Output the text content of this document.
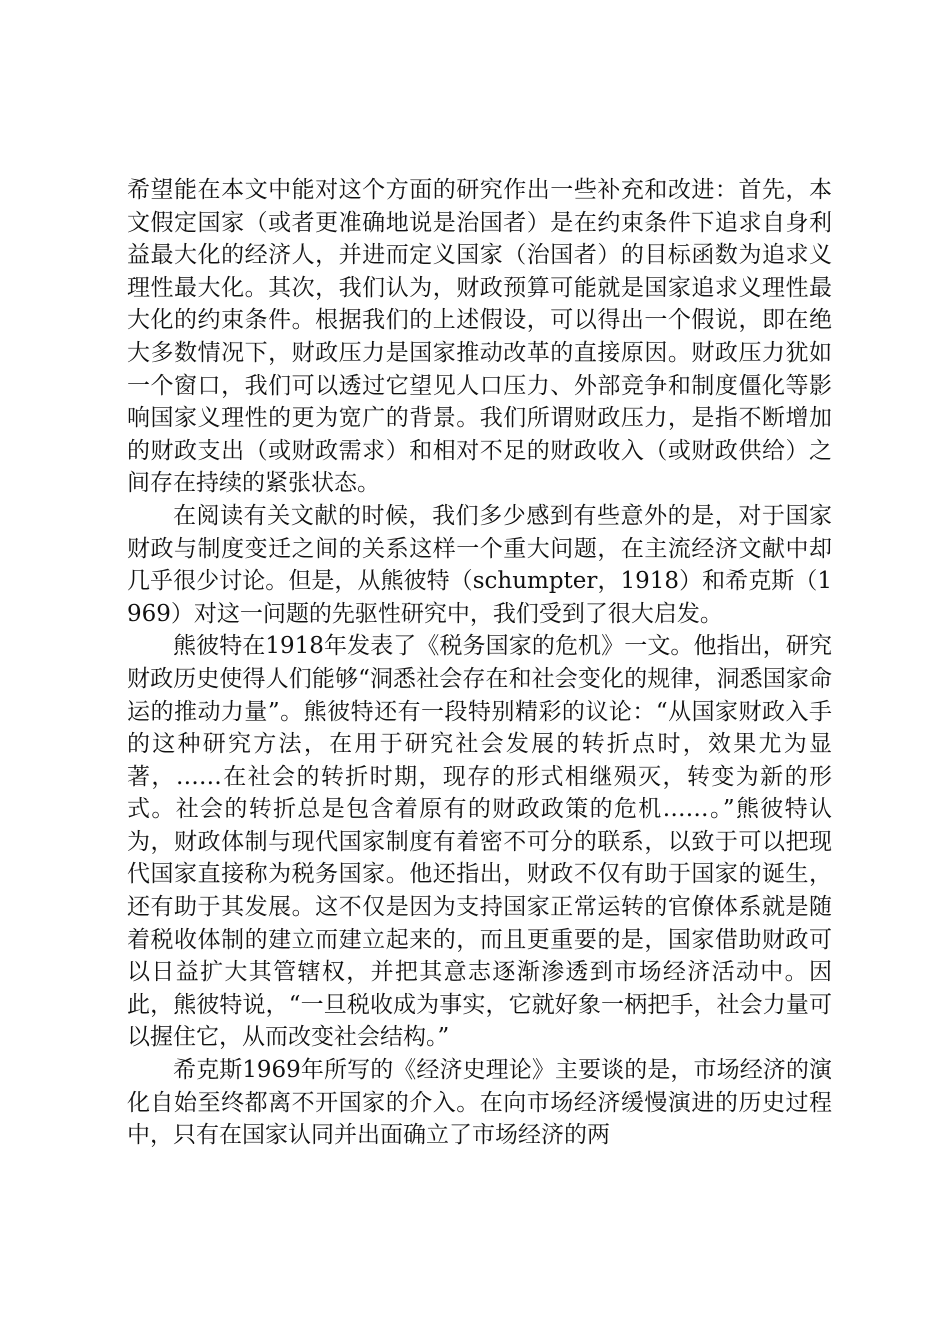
希望能在本文中能对这个方面的研究作出一些补充和改进：首先，本文假定国家（或者更准确地说是治国者）是在约束条件下追求自身利益最大化的经济人，并进而定义国家（治国者）的目标函数为追求义理性最大化。其次，我们认为，财政预算可能就是国家追求义理性最大化的约束条件。根据我们的上述假设，可以得出一个假说，即在绝大多数情况下，财政压力是国家推动改革的直接原因。财政压力犹如一个窗口，我们可以透过它望见人口压力、外部竞争和制度僵化等影响国家义理性的更为宽广的背景。我们所谓财政压力，是指不断增加的财政支出（或财政需求）和相对不足的财政收入（或财政供给）之间存在持续的紧张状态。

在阅读有关文献的时候，我们多少感到有些意外的是，对于国家财政与制度变迁之间的关系这样一个重大问题，在主流经济文献中却几乎很少讨论。但是，从熊彼特（schumpter，1918）和希克斯（1969）对这一问题的先驱性研究中，我们受到了很大启发。

熊彼特在1918年发表了《税务国家的危机》一文。他指出，研究财政历史使得人们能够“洞悉社会存在和社会变化的规律，洞悉国家命运的推动力量”。熊彼特还有一段特别精彩的议论：“从国家财政入手的这种研究方法，在用于研究社会发展的转折点时，效果尤为显著，……在社会的转折时期，现存的形式相继殒灭，转变为新的形式。社会的转折总是包含着原有的财政政策的危机……。”熊彼特认为，财政体制与现代国家制度有着密不可分的联系，以致于可以把现代国家直接称为税务国家。他还指出，财政不仅有助于国家的诞生，还有助于其发展。这不仅是因为支持国家正常运转的官僚体系就是随着税收体制的建立而建立起来的，而且更重要的是，国家借助财政可以日益扩大其管辖权，并把其意志逐渐渗透到市场经济活动中。因此，熊彼特说，“一旦税收成为事实，它就好象一柄把手，社会力量可以握住它，从而改变社会结构。”

希克斯1969年所写的《经济史理论》主要谈的是，市场经济的演化自始至终都离不开国家的介入。在向市场经济缓慢演进的历史过程中，只有在国家认同并出面确立了市场经济的两
